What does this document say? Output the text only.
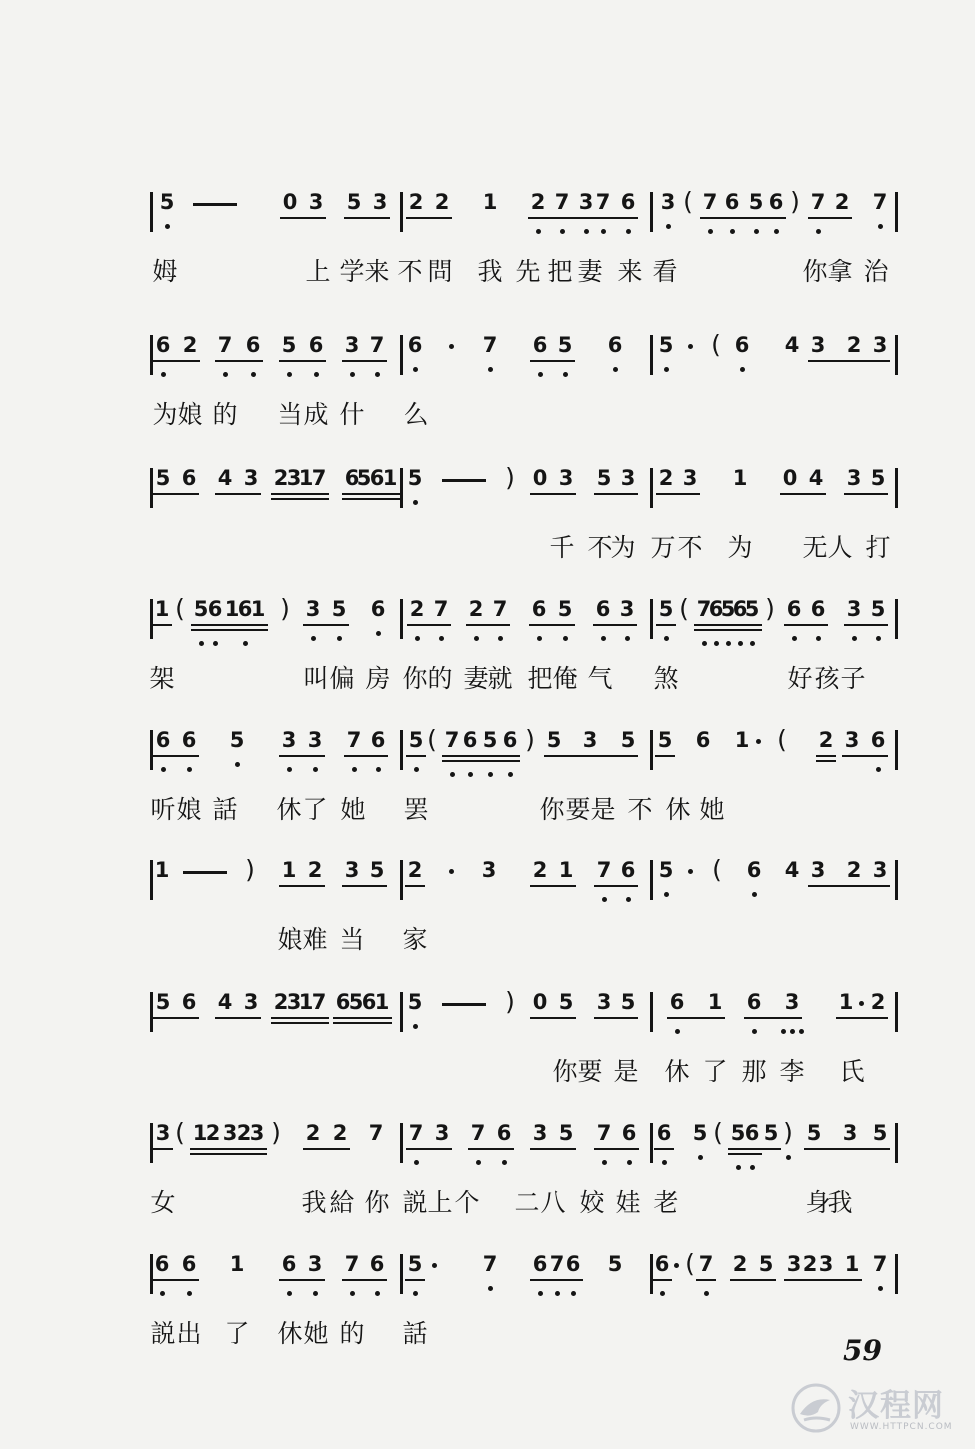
5	0 3 5 3 2 2 1 2 7 3 7 6 3 ( 7 6 5 6 ) 7 2 7
姆	上 学 来 不 問 我 先 把 妻 来 看	你 拿 治
6 2 7 6 5 6 3 7 6	7 6 5 6 5 ( 6 4 3 2 3
为 娘 的 当 成 什 么
5 6 4 3 2
3
1
7 6
5
6
1 5	) 0 3 5 3 2 3 1 0 4 3 5
千 不
为 万 不 为 无 人 打
1 ( 5 6 1
6
1 ) 3 5 6 2 7 2 7 6 5 6 3 5 ( 7
6
5
6
5 ) 6 6 3 5
架	叫 偏 房 你 的 妻
就 把 俺 气 煞	好 孩 子
6 6 5 3 3 7 6 5 ( 7 6 5 6 ) 5 3 5 5 6 1 ( 2 3 6
听 娘 話 休 了 她 罢	你 要 是 不 休 她
1	) 1 2 3 5 2	3 2 1 7 6 5 ( 6 4 3 2 3
娘 难 当 家
5 6 4 3 2
3
1
7 6
5
6
1 5	) 0 5 3 5 6 1 6 3 1 2
你 要 是 休 了 那 李 氏
3 ( 1
2 3 2
3 ) 2 2 7 7 3 7 6 3 5 7 6 6 5 ( 5 6 5 ) 5 3 5
女	我 給 你 説 上 个 二 八 姣 娃 老	身
我
6 6 1 6 3 7 6 5	7 6 7 6 5 6 ( 7 2 5 3 2 3 1 7
説 出 了 休 她 的 話
59
汉程网
WWW.HTTPCN.COM
